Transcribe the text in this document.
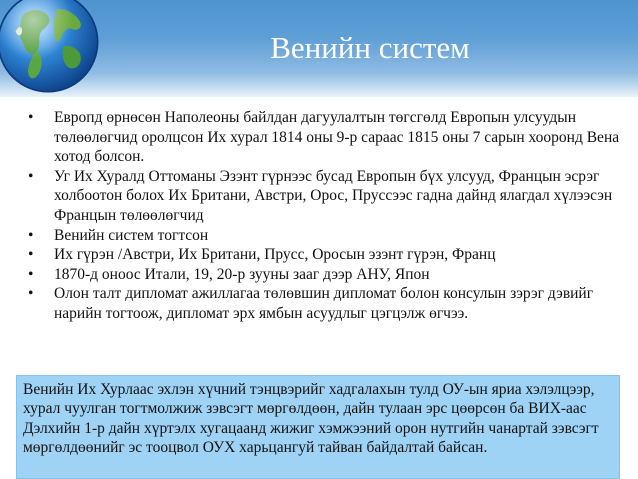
Венийн систем
•	Европд өрнөсөн Наполеоны байлдан дагуулалтын төгсгөлд Европын улсуудын төлөөлөгчид оролцсон Их хурал 1814 оны 9-р сараас 1815 оны 7 сарын хооронд Вена хотод болсон.
•	Уг Их Хуралд Оттоманы Эзэнт гүрнээс бусад Европын бүх улсууд, Францын эсрэг холбоотон болох Их Британи, Австри, Орос, Пруссээс гадна дайнд ялагдал хүлээсэн Францын төлөөлөгчид
•	Венийн систем тогтсон
•	Их гүрэн /Австри, Их Британи, Прусс, Оросын эзэнт гүрэн, Франц
•	1870-д оноос Итали, 19, 20-р зууны зааг дээр АНУ, Япон
•	Олон талт дипломат ажиллагаа төлөвшин дипломат болон консулын зэрэг дэвийг нарийн тогтоож, дипломат эрх ямбын асуудлыг цэгцэлж өгчээ.

Венийн Их Хурлаас эхлэн хүчний тэнцвэрийг хадгалахын тулд ОУ-ын яриа хэлэлцээр, хурал чуулган тогтмолжиж зэвсэгт мөргөлдөөн, дайн тулаан эрс цөөрсөн ба ВИХ-аас Дэлхийн 1-р дайн хүртэлх хугацаанд жижиг хэмжээний орон нутгийн чанартай зэвсэгт мөргөлдөөнийг эс тооцвол ОУХ харьцангуй тайван байдалтай байсан.
